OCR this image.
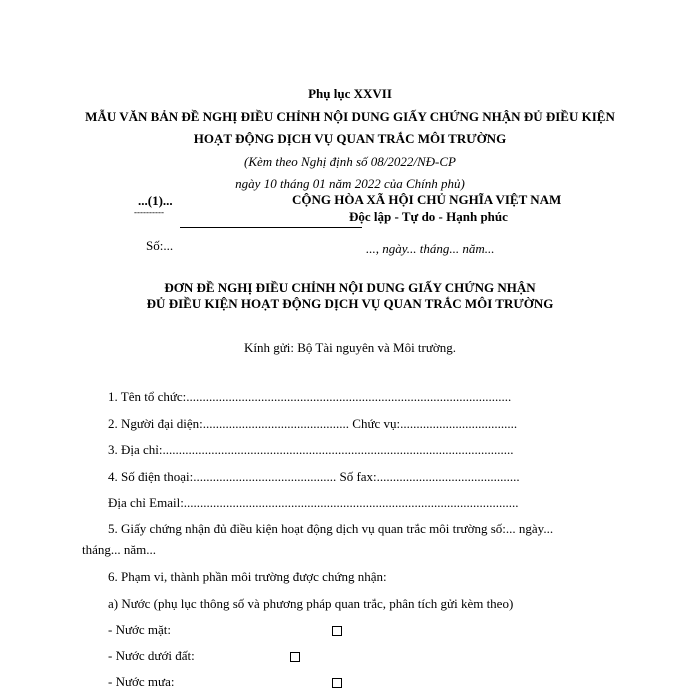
Phụ lục XXVII
MẪU VĂN BẢN ĐỀ NGHỊ ĐIỀU CHỈNH NỘI DUNG GIẤY CHỨNG NHẬN ĐỦ ĐIỀU KIỆN
HOẠT ĐỘNG DỊCH VỤ QUAN TRẮC MÔI TRƯỜNG
(Kèm theo Nghị định số 08/2022/NĐ-CP
ngày 10 tháng 01 năm 2022 của Chính phủ)
...(1)...
----------
Số:...
CỘNG HÒA XÃ HỘI CHỦ NGHĨA VIỆT NAM
Độc lập - Tự do - Hạnh phúc
..., ngày... tháng... năm...
ĐƠN ĐỀ NGHỊ ĐIỀU CHỈNH NỘI DUNG GIẤY CHỨNG NHẬN
ĐỦ ĐIỀU KIỆN HOẠT ĐỘNG DỊCH VỤ QUAN TRẮC MÔI TRƯỜNG
Kính gửi: Bộ Tài nguyên và Môi trường.
1. Tên tổ chức:....................................................................................................
2. Người đại diện:............................................. Chức vụ:....................................
3. Địa chỉ:............................................................................................................
4. Số điện thoại:............................................ Số fax:............................................
Địa chỉ Email:.......................................................................................................
5. Giấy chứng nhận đủ điều kiện hoạt động dịch vụ quan trắc môi trường số:... ngày...
tháng... năm...
6. Phạm vi, thành phần môi trường được chứng nhận:
a) Nước (phụ lục thông số và phương pháp quan trắc, phân tích gửi kèm theo)
- Nước mặt:
- Nước dưới đất:
- Nước mưa:
